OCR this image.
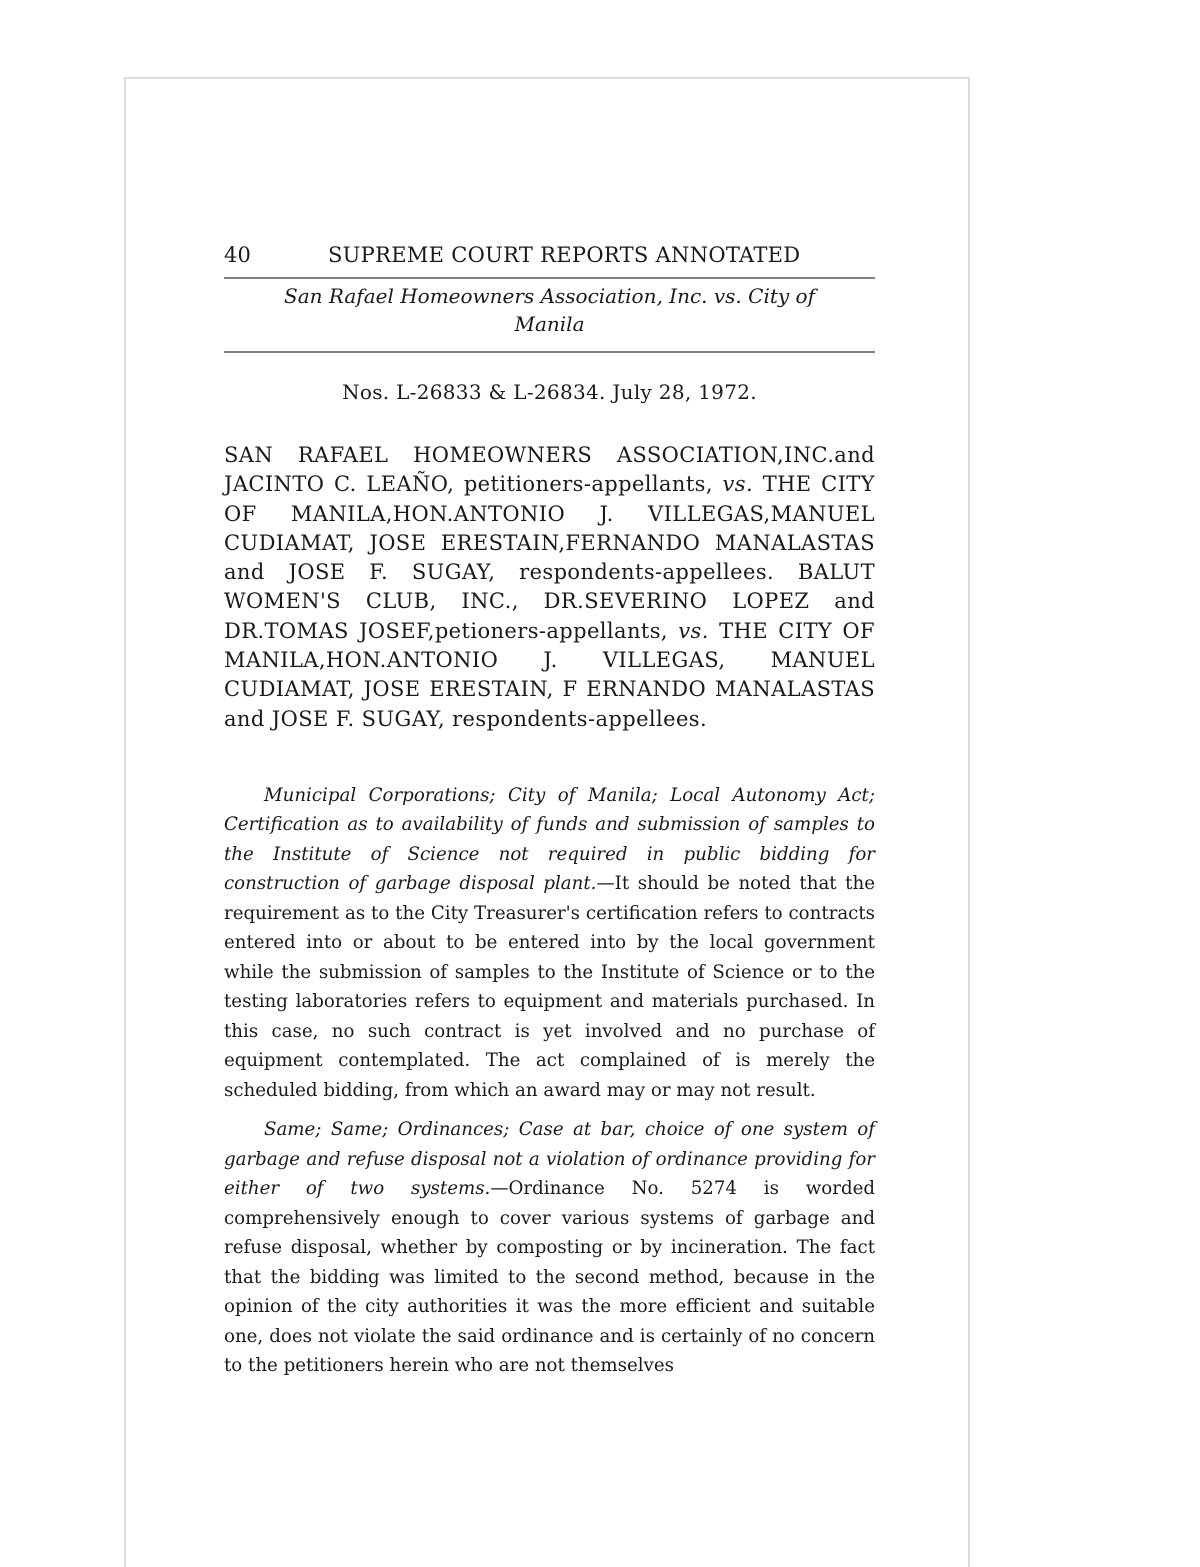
40	SUPREME COURT REPORTS ANNOTATED
San Rafael Homeowners Association, Inc. vs. City of Manila
Nos. L-26833 & L-26834. July 28, 1972.
SAN RAFAEL HOMEOWNERS ASSOCIATION,INC.and JACINTO C. LEAÑO, petitioners-appellants, vs. THE CITY OF MANILA,HON.ANTONIO J. VILLEGAS,MANUEL CUDIAMAT, JOSE ERESTAIN,FERNANDO MANALASTAS and JOSE F. SUGAY, respondents-appellees. BALUT WOMEN'S CLUB, INC., DR.SEVERINO LOPEZ and DR.TOMAS JOSEF,petioners-appellants, vs. THE CITY OF MANILA,HON.ANTONIO J. VILLEGAS, MANUEL CUDIAMAT, JOSE ERESTAIN, F ERNANDO MANALASTAS and JOSE F. SUGAY, respondents-appellees.

Municipal Corporations; City of Manila; Local Autonomy Act; Certification as to availability of funds and submission of samples to the Institute of Science not required in public bidding for construction of garbage disposal plant.—It should be noted that the requirement as to the City Treasurer's certification refers to contracts entered into or about to be entered into by the local government while the submission of samples to the Institute of Science or to the testing laboratories refers to equipment and materials purchased. In this case, no such contract is yet involved and no purchase of equipment contemplated. The act complained of is merely the scheduled bidding, from which an award may or may not result.

Same; Same; Ordinances; Case at bar, choice of one system of garbage and refuse disposal not a violation of ordinance providing for either of two systems.—Ordinance No. 5274 is worded comprehensively enough to cover various systems of garbage and refuse disposal, whether by composting or by incineration. The fact that the bidding was limited to the second method, because in the opinion of the city authorities it was the more efficient and suitable one, does not violate the said ordinance and is certainly of no concern to the petitioners herein who are not themselves
